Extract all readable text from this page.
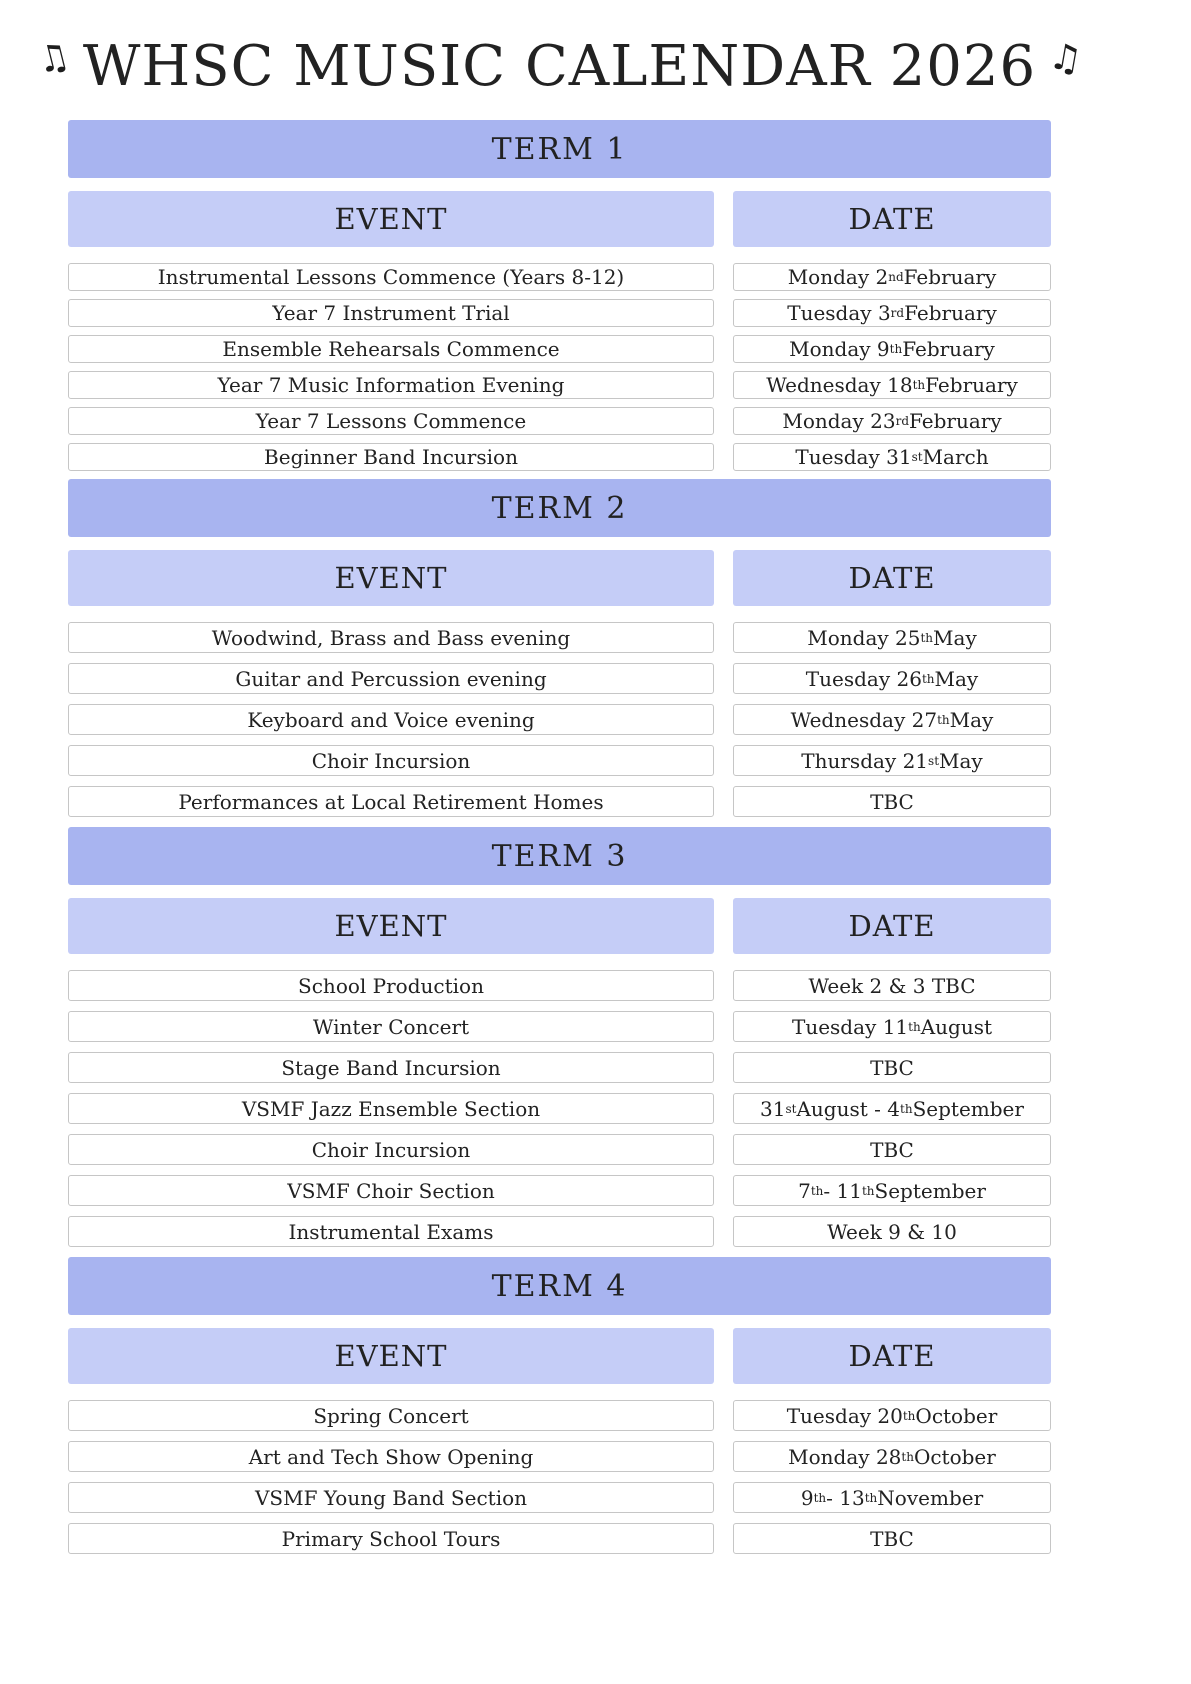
♫ WHSC MUSIC CALENDAR 2026 ♫
TERM 1
EVENT	DATE
Instrumental Lessons Commence (Years 8-12)	Monday 2 nd February
Year 7 Instrument Trial	Tuesday 3 rd February
Ensemble Rehearsals Commence	Monday 9 th February
Year 7 Music Information Evening	Wednesday 18 th February
Year 7 Lessons Commence	Monday 23 rd February
Beginner Band Incursion	Tuesday 31 st March
TERM 2
EVENT	DATE
Woodwind, Brass and Bass evening	Monday 25 th May
Guitar and Percussion evening	Tuesday 26 th May
Keyboard and Voice evening	Wednesday 27 th May
Choir Incursion	Thursday 21 st May
Performances at Local Retirement Homes	TBC
TERM 3
EVENT	DATE
School Production	Week 2 & 3 TBC
Winter Concert	Tuesday 11 th August
Stage Band Incursion	TBC
VSMF Jazz Ensemble Section	31 st August - 4 th September
Choir Incursion	TBC
VSMF Choir Section	7 th - 11 th September
Instrumental Exams	Week 9 & 10
TERM 4
EVENT	DATE
Spring Concert	Tuesday 20 th October
Art and Tech Show Opening	Monday 28 th October
VSMF Young Band Section	9 th - 13 th November
Primary School Tours	TBC
